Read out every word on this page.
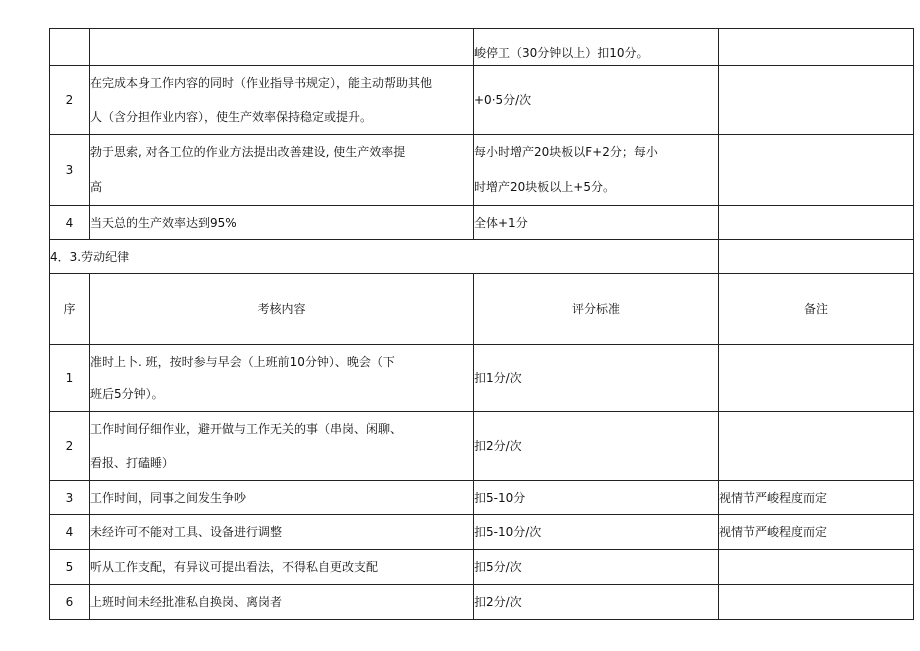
		峻停工（30分钟以上）扣10分。	

2	在完成本身工作内容的同时（作业指导书规定），能主动帮助其他
人（含分担作业内容），使生产效率保持稳定或提升。	+0·5分/次	

3	勃于思索, 对各工位的作业方法提出改善建设, 使生产效率提
高	每小时增产20块板以F+2分；每小
时增产20块板以上+5分。	

4	当天总的生产效率达到95%	全体+1分	

4．3.劳动纪律			
序	考核内容	评分标准	备注
1	准时上卜. 班，按时参与早会（上班前10分钟）、晚会（下
班后5分钟）。	扣1分/次	
2	工作时间仔细作业，避开做与工作无关的事（串岗、闲聊、
看报、打磕睡）	扣2分/次	
3	工作时间，同事之间发生争吵	扣5-10分	视情节严峻程度而定
4	未经许可不能对工具、设备进行调整	扣5-10分/次	视情节严峻程度而定
5	听从工作支配，有异议可提出看法，不得私自更改支配	扣5分/次	
6	上班时间未经批准私自换岗、离岗者	扣2分/次	
